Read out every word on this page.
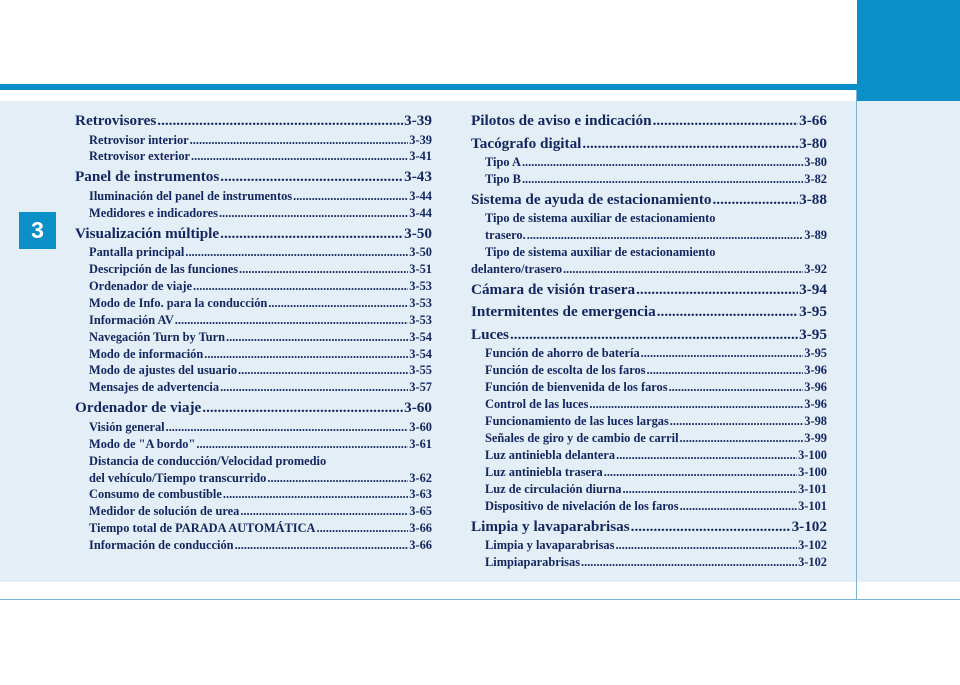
3
Retrovisores .....	3-39
Retrovisor interior .....	3-39
Retrovisor exterior .....	3-41
Panel de instrumentos .....	3-43
Iluminación del panel de instrumentos .....	3-44
Medidores e indicadores .....	3-44
Visualización múltiple .....	3-50
Pantalla principal .....	3-50
Descripción de las funciones .....	3-51
Ordenador de viaje .....	3-53
Modo de Info. para la conducción .....	3-53
Información AV .....	3-53
Navegación Turn by Turn .....	3-54
Modo de información .....	3-54
Modo de ajustes del usuario .....	3-55
Mensajes de advertencia .....	3-57
Ordenador de viaje .....	3-60
Visión general .....	3-60
Modo de "A bordo" .....	3-61
Distancia de conducción/Velocidad promedio
del vehículo/Tiempo transcurrido .....	3-62
Consumo de combustible .....	3-63
Medidor de solución de urea .....	3-65
Tiempo total de PARADA AUTOMÁTICA .....	3-66
Información de conducción .....	3-66
Pilotos de aviso e indicación .....	3-66
Tacógrafo digital .....	3-80
Tipo A .....	3-80
Tipo B .....	3-82
Sistema de ayuda de estacionamiento .....	3-88
Tipo de sistema auxiliar de estacionamiento
trasero. .....	3-89
Tipo de sistema auxiliar de estacionamiento
delantero/trasero .....	3-92
Cámara de visión trasera .....	3-94
Intermitentes de emergencia .....	3-95
Luces .....	3-95
Función de ahorro de batería .....	3-95
Función de escolta de los faros .....	3-96
Función de bienvenida de los faros .....	3-96
Control de las luces .....	3-96
Funcionamiento de las luces largas .....	3-98
Señales de giro y de cambio de carril .....	3-99
Luz antiniebla delantera .....	3-100
Luz antiniebla trasera .....	3-100
Luz de circulación diurna .....	3-101
Dispositivo de nivelación de los faros .....	3-101
Limpia y lavaparabrisas .....	3-102
Limpia y lavaparabrisas .....	3-102
Limpiaparabrisas .....	3-102
